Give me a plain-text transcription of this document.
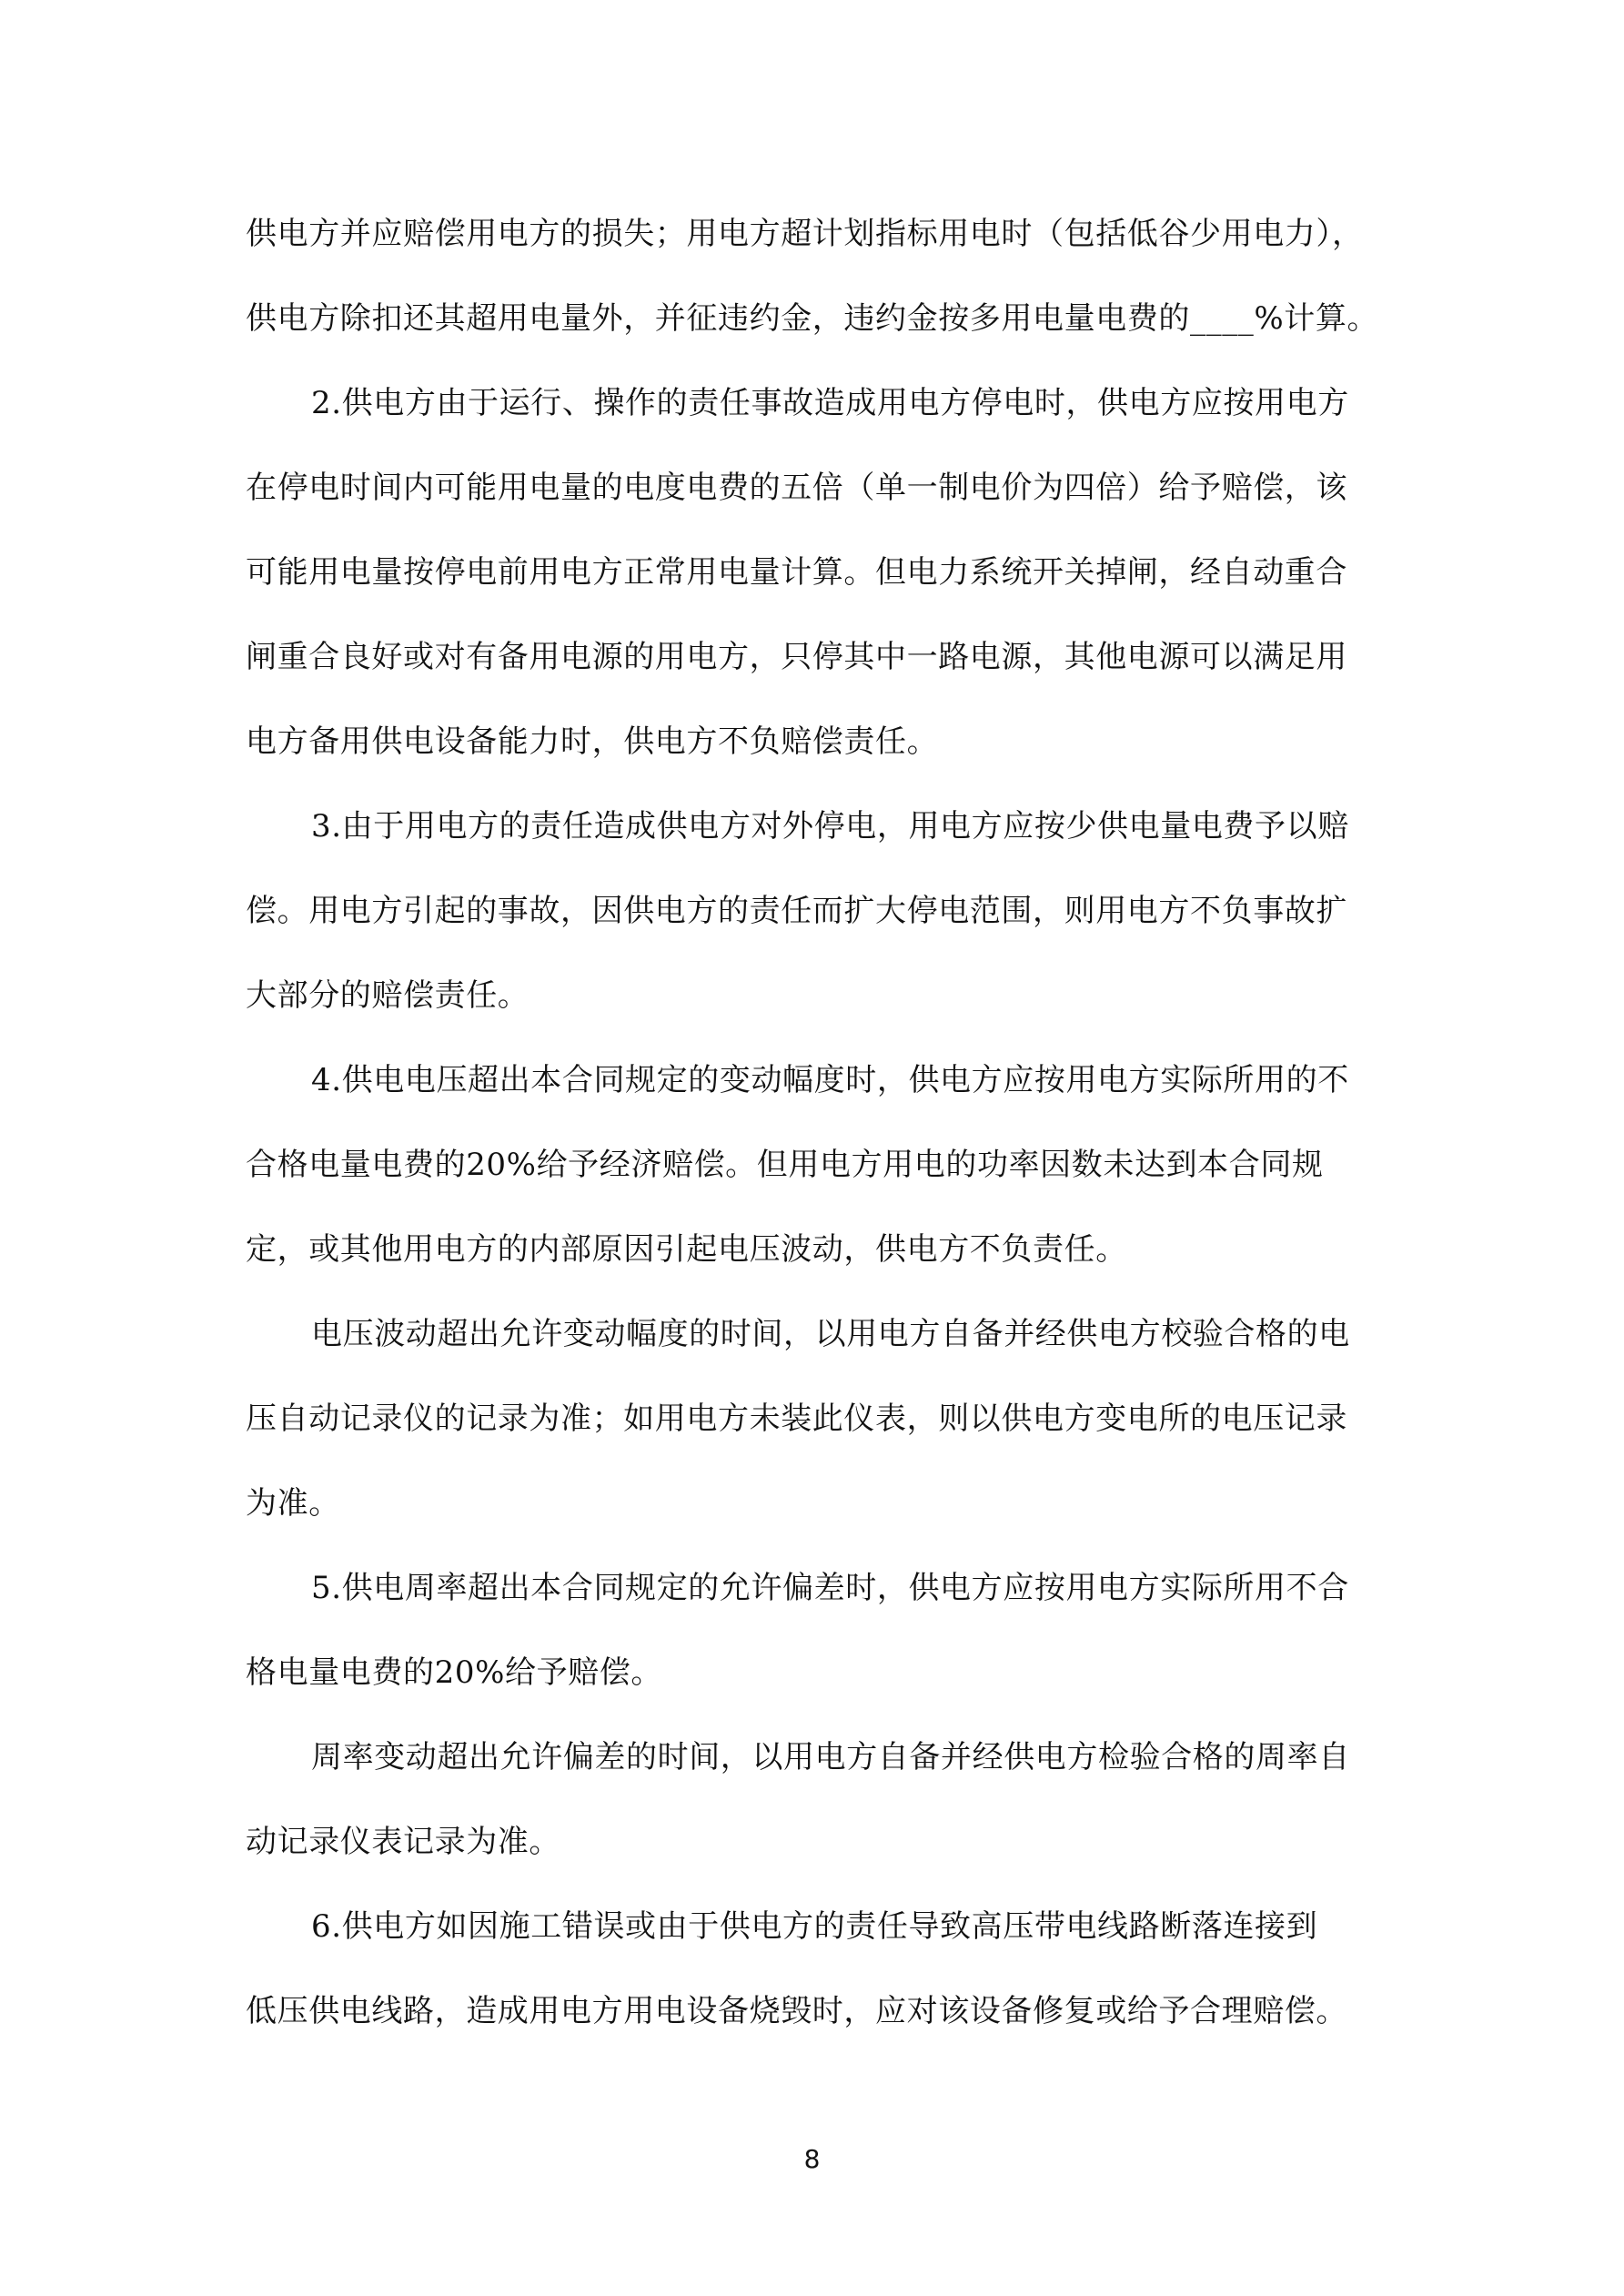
供电方并应赔偿用电方的损失；用电方超计划指标用电时（包括低谷少用电力），
供电方除扣还其超用电量外，并征违约金，违约金按多用电量电费的____%计算。
2.供电方由于运行、操作的责任事故造成用电方停电时，供电方应按用电方
在停电时间内可能用电量的电度电费的五倍（单一制电价为四倍）给予赔偿，该
可能用电量按停电前用电方正常用电量计算。但电力系统开关掉闸，经自动重合
闸重合良好或对有备用电源的用电方，只停其中一路电源，其他电源可以满足用
电方备用供电设备能力时，供电方不负赔偿责任。
3.由于用电方的责任造成供电方对外停电，用电方应按少供电量电费予以赔
偿。用电方引起的事故，因供电方的责任而扩大停电范围，则用电方不负事故扩
大部分的赔偿责任。
4.供电电压超出本合同规定的变动幅度时，供电方应按用电方实际所用的不
合格电量电费的20%给予经济赔偿。但用电方用电的功率因数未达到本合同规
定，或其他用电方的内部原因引起电压波动，供电方不负责任。
电压波动超出允许变动幅度的时间，以用电方自备并经供电方校验合格的电
压自动记录仪的记录为准；如用电方未装此仪表，则以供电方变电所的电压记录
为准。
5.供电周率超出本合同规定的允许偏差时，供电方应按用电方实际所用不合
格电量电费的20%给予赔偿。
周率变动超出允许偏差的时间，以用电方自备并经供电方检验合格的周率自
动记录仪表记录为准。
6.供电方如因施工错误或由于供电方的责任导致高压带电线路断落连接到
低压供电线路，造成用电方用电设备烧毁时，应对该设备修复或给予合理赔偿。
8
